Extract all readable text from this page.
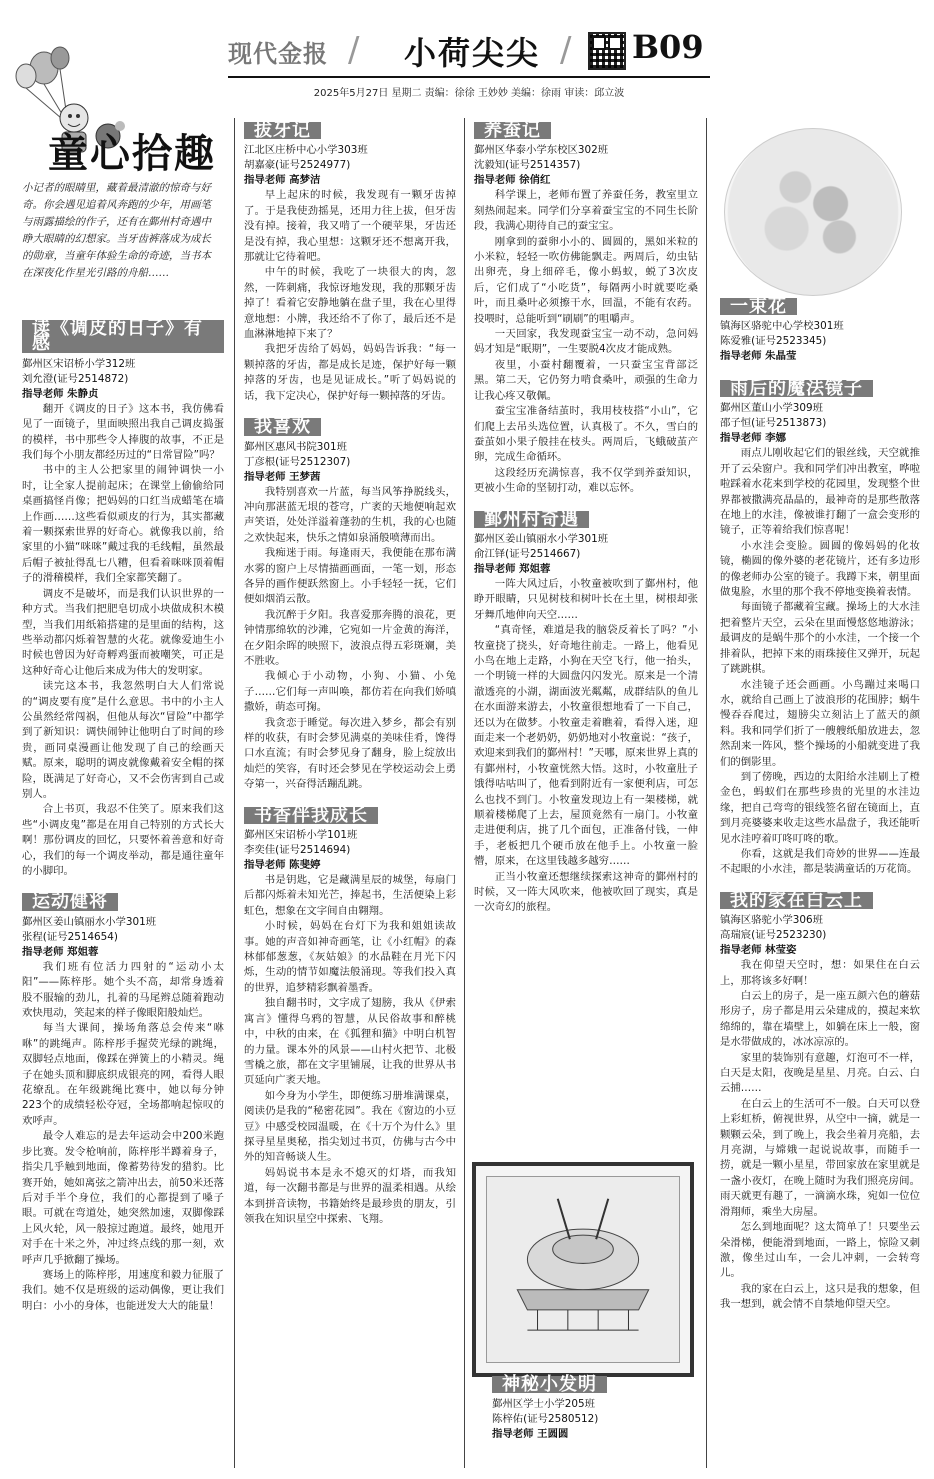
现代金报 / 小荷尖尖 / B09
2025年5月27日 星期二 责编：徐徐 王妙妙 美编：徐雨 审读：邱立波
童心拾趣
小记者的眼睛里，藏着最清澈的惊奇与好奇。你会遇见追着风奔跑的少年，用画笔与雨露描绘的作子，还有在鄞州村奇遇中睁大眼睛的幻想家。当牙齿裤落成为成长的勋章，当童年体验生命的奇迹，当书本在深夜化作星光引路的舟船……
读《调皮的日子》有感
鄞州区宋诏桥小学312班
刘允澄(证号2514872)
指导老师 朱静贞

翻开《调皮的日子》这本书，我仿佛看见了一面镜子，里面映照出我自己调皮捣蛋的模样，书中那些令人捧腹的故事，不正是我们每个小朋友都经历过的“日常冒险”吗？

书中的主人公把家里的闹钟调快一小时，让全家人提前起床；在课堂上偷偷给同桌画搞怪肖像；把妈妈的口红当成蜡笔在墙上作画……这些看似顽皮的行为，其实都藏着一颗探索世界的好奇心。就像我以前，给家里的小猫“咪咪”戴过我的毛线帽，虽然最后帽子被扯得乱七八糟，但看着咪咪顶着帽子的滑稽模样，我们全家都笑翻了。

调皮不是破坏，而是我们认识世界的一种方式。当我们把肥皂切成小块做成积木模型，当我们用纸箱搭建的是里面的结构，这些举动都闪烁着智慧的火花。就像爱迪生小时候也曾因为好奇孵鸡蛋而被嘲笑，可正是这种好奇心让他后来成为伟大的发明家。

读完这本书，我忽然明白大人们常说的“调皮要有度”是什么意思。书中的小主人公虽然经常闯祸，但他从每次“冒险”中都学到了新知识：调快闹钟让他明白了时间的珍贵，画同桌漫画让他发现了自己的绘画天赋。原来，聪明的调皮就像戴着安全帽的探险，既满足了好奇心，又不会伤害到自己或别人。

合上书页，我忍不住笑了。原来我们这些“小调皮鬼”都是在用自己特别的方式长大啊！那份调皮的回忆，只要怀着善意和好奇心，我们的每一个调皮举动，都是通往童年的小脚印。

运动健将
鄞州区姜山镇丽水小学301班
张程(证号2514654)
指导老师 郑姐蓉

我们班有位活力四射的“运动小太阳”——陈梓彤。她个头不高，却常身透着股不服输的劲儿，扎着的马尾辫总随着跑动欢快甩动，笑起来的样子像眼阳般灿烂。

每当大课间，操场角落总会传来“咻咻”的跳绳声。陈梓彤手握荧光绿的跳绳，双脚轻点地面，像踩在弹簧上的小精灵。绳子在她头顶和脚底织成银亮的网，看得人眼花缭乱。在年级跳绳比赛中，她以每分钟223个的成绩轻松夺冠，全场都响起惊叹的欢呼声。

最令人难忘的是去年运动会中200米跑步比赛。发令枪响前，陈梓彤半蹲着身子，指尖几乎触到地面，像蓄势待发的猎豹。比赛开始，她如离弦之箭冲出去，前50米还落后对手半个身位，我们的心都提到了嗓子眼。可就在弯道处，她突然加速，双脚像踩上风火轮，风一般掠过跑道。最终，她甩开对手在十米之外，冲过终点线的那一刻，欢呼声几乎掀翻了操场。

赛场上的陈梓彤，用速度和毅力征服了我们。她不仅是班级的运动偶像，更让我们明白：小小的身体，也能迸发大大的能量！

拔牙记
江北区庄桥中心小学303班
胡嘉豪(证号2524977)
指导老师 高梦洁

早上起床的时候，我发现有一颗牙齿掉了。于是我使劲摇晃，还用力往上拔，但牙齿没有掉。接着，我又啃了一个硬苹果，牙齿还是没有掉，我心里想：这颗牙还不想离开我，那就让它待着吧。

中午的时候，我吃了一块很大的肉，忽然，一阵刺痛，我惊讶地发现，我的那颗牙齿掉了！看着它安静地躺在盘子里，我在心里得意地想：小牌，我还给不了你了，最后还不是血淋淋地掉下来了？

我把牙齿给了妈妈，妈妈告诉我：“每一颗掉落的牙齿，都是成长足迹，保护好每一颗掉落的牙齿，也是见证成长。”听了妈妈说的话，我下定决心，保护好每一颗掉落的牙齿。

我喜欢
鄞州区惠风书院301班
丁彦根(证号2512307)
指导老师 王梦茜

我特别喜欢一片蓝，每当风筝挣脱线头，冲向那湛蓝无垠的苍穹，广袤的天地便响起欢声笑语，处处洋溢着蓬勃的生机，我的心也随之欢快起来，快乐之情如泉涌般喷薄而出。

我痴迷于雨。每逢雨天，我便能在那布满水雾的窗户上尽情描画画面，一笔一划，形态各异的画作便跃然窗上。小手轻轻一抚，它们便如烟消云散。

我沉醉于夕阳。我喜爱那奔腾的浪花，更钟情那绵软的沙滩，它宛如一片金黄的海洋，在夕阳余晖的映照下，波浪点得五彩斑斓，美不胜收。

我倾心于小动物，小狗、小猫、小兔子……它们每一声叫唤，都仿若在向我们娇嗔撒娇，萌态可掬。

我贪恋于睡觉。每次进入梦乡，都会有别样的收获，有时会梦见满桌的美味佳肴，馋得口水直流；有时会梦见身了翻身，脸上绽放出灿烂的笑容，有时还会梦见在学校运动会上勇夺第一，兴奋得活蹦乱跳。

书香伴我成长
鄞州区宋诏桥小学101班
李奕佳(证号2514694)
指导老师 陈斐婷

书是钥匙，它是藏满星辰的城堡，每扇门后都闪烁着未知光芒，捧起书，生活便染上彩虹色，想象在文字间自由翱翔。

小时候，妈妈在台灯下为我和姐姐读故事。她的声音如神奇画笔，让《小红帽》的森林郁郁葱葱，《灰姑娘》的水晶鞋在月光下闪烁，生动的情节如魔法般涌现。等我们投入真的世界，追梦精彩飘着墨香。

独自翻书时，文字成了翅膀，我从《伊索寓言》懂得乌鸦的智慧，从民俗故事和醉桃中，中秋的由来，在《狐狸和猫》中明白机智的力量。课本外的风景——山村火把节、北极雪橇之旅，都在文字里铺展，让我的世界从书页延向广袤天地。

如今身为小学生，即便练习册堆满课桌，阅读仍是我的“秘密花园”。我在《窗边的小豆豆》中感受校园温暖，在《十万个为什么》里探寻星星奥秘，指尖划过书页，仿佛与古今中外的知音畅谈人生。

妈妈说书本是永不熄灭的灯塔，而我知道，每一次翻书都是与世界的温柔相遇。从绘本到拼音读物，书籍始终是最珍贵的朋友，引领我在知识星空中探索、飞翔。

养蚕记
鄞州区华泰小学东校区302班
沈毅知(证号2514357)
指导老师 徐俏红

科学课上，老师布置了养蚕任务，教室里立刻热闹起来。同学们分享着蚕宝宝的不同生长阶段，我满心期待自己的蚕宝宝。

刚拿到的蚕卵小小的、圆圆的，黑如米粒的小米粒，轻轻一吹仿佛能飘走。两周后，幼虫钻出卵壳，身上细碎毛，像小蚂蚁，蜕了3次皮后，它们成了“小吃货”，每隔两小时就要吃桑叶，而且桑叶必须擦干水，回温，不能有农药。投喂时，总能听到“刷刷”的咀嚼声。

一天回家，我发现蚕宝宝一动不动，急问妈妈才知是“眠期”，一生要脱4次皮才能成熟。

夜里，小蚕村翻覆着，一只蚕宝宝背部泛黑。第二天，它仍努力啃食桑叶，顽强的生命力让我心疼又敬佩。

蚕宝宝准备结茧时，我用枝枝搭“小山”，它们爬上去吊头选位置，认真极了。不久，雪白的蚕茧如小果子般挂在枝头。两周后，飞蛾破茧产卵，完成生命循环。

这段经历充满惊喜，我不仅学到养蚕知识，更被小生命的坚韧打动，难以忘怀。

鄞州村奇遇
鄞州区姜山镇丽水小学301班
俞江铎(证号2514667)
指导老师 郑姐蓉

一阵大风过后，小牧童被吹到了鄞州村，他睁开眼睛，只见树枝和树叶长在土里，树根却张牙舞爪地伸向天空……

“真奇怪，难道是我的脑袋反着长了吗？”小牧童挠了挠头，好奇地往前走。一路上，他看见小鸟在地上走路，小狗在天空飞行，他一抬头，一个明镜一样的大圆盘闪闪发光。原来是一个清澈透亮的小湖，湖面波光粼粼，成群结队的鱼儿在水面游来游去，小牧童很想地看了一下自己，还以为在做梦。小牧童走着瞧着，看得入迷，迎面走来一个老奶奶，奶奶地对小牧童说：“孩子，欢迎来到我们的鄞州村！”天哪，原来世界上真的有鄞州村，小牧童恍然大悟。这时，小牧童肚子饿得咕咕叫了，他看到附近有一家便利店，可怎么也找不到门。小牧童发现边上有一架楼梯，就顺着楼梯爬了上去，屋顶竟然有一扇门。小牧童走进便利店，挑了几个面包，正准备付钱，一伸手，老板把几个硬币放在他手上。小牧童一脸懵，原来，在这里钱越多越穷……

正当小牧童还想继续探索这神奇的鄞州村的时候，又一阵大风吹来，他被吹回了现实，真是一次奇幻的旅程。

神秘小发明
鄞州区学士小学205班
陈梓佑(证号2580512)
指导老师 王圆圆
一束花
镇海区骆驼中心学校301班
陈爱雅(证号2523345)
指导老师 朱晶莹
雨后的魔法镜子
鄞州区董山小学309班
邵子恒(证号2513873)
指导老师 李娜

雨点儿刚收起它们的银丝线，天空就推开了云朵窗户。我和同学们冲出教室，哗啦啦踩着水花来到学校的花园里，发现整个世界都被撒满亮晶晶的，最神奇的是那些散落在地上的水洼，像被谁打翻了一盒会变形的镜子，正等着给我们惊喜呢！

小水洼会变脸。圆圆的像妈妈的化妆镜，椭圆的像外婆的老花镜片，还有多边形的像老师办公室的镜子。我蹲下来，朝里面做鬼脸，水里的那个我不停地变换着表情。

每面镜子都藏着宝藏。操场上的大水洼把着整片天空，云朵在里面慢悠悠地游泳；最调皮的是蜗牛那个的小水洼，一个接一个排着队，把掉下来的雨珠接住又弹开，玩起了跳跳棋。

水洼镜子还会画画。小鸟蹦过来喝口水，就给自己画上了波浪形的花围脖；蜗牛慢吞吞爬过，翅膀尖立刻沾上了蓝天的颜料。我和同学们折了一艘艘纸船放进去，忽然刮来一阵风，整个操场的小船就变进了我们的倒影里。

到了傍晚，西边的太阳给水洼刷上了橙金色，蚂蚁们在那些珍贵的光里的水洼边缘，把自己弯弯的银线签名留在镜面上，直到月亮婆婆来收走这些水晶盘子，我还能听见水洼哼着叮咚叮咚的歌。

你看，这就是我们奇妙的世界——连最不起眼的小水洼，都是装满童话的万花筒。

我的家在白云上
镇海区骆驼小学306班
高瑞宸(证号2523230)
指导老师 林莹姿

我在仰望天空时，想：如果住在白云上，那将该多好啊！

白云上的房子，是一座五颜六色的蘑菇形房子，房子都是用云朵建成的，摸起来软绵绵的，靠在墙壁上，如躺在床上一般，窗是水带做成的，冰冰凉凉的。

家里的装饰别有意趣，灯泡可不一样，白天是太阳，夜晚是星星、月亮。白云、白云捕……

在白云上的生活可不一般。白天可以登上彩虹桥，俯视世界，从空中一摘，就是一颗颗云朵，到了晚上，我会坐着月亮船，去月亮湖，与嫦娥一起说说故事，而随手一捞，就是一颗小星星，带回家放在家里就是一盏小夜灯，在晚上随时为我们照亮房间。雨天就更有趣了，一滴滴水珠，宛如一位位滑翔师，乘坐大房屋。

怎么到地面呢？这太简单了！只要坐云朵滑梯，便能滑到地面，一路上，惊险又刺激，像坐过山车，一会儿冲刺，一会转弯儿。

我的家在白云上，这只是我的想象，但我一想到，就会情不自禁地仰望天空。
